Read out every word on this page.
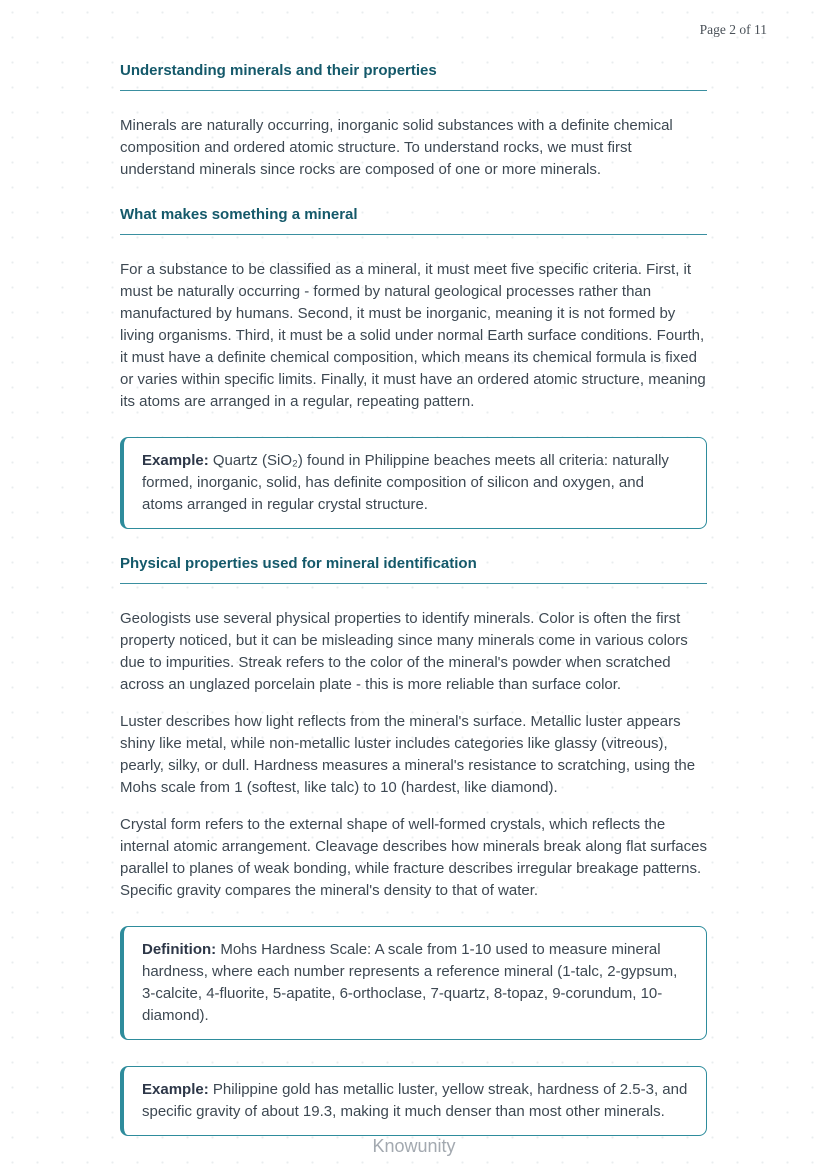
Page 2 of 11
Understanding minerals and their properties

Minerals are naturally occurring, inorganic solid substances with a definite chemical composition and ordered atomic structure. To understand rocks, we must first understand minerals since rocks are composed of one or more minerals.

What makes something a mineral

For a substance to be classified as a mineral, it must meet five specific criteria. First, it must be naturally occurring - formed by natural geological processes rather than manufactured by humans. Second, it must be inorganic, meaning it is not formed by living organisms. Third, it must be a solid under normal Earth surface conditions. Fourth, it must have a definite chemical composition, which means its chemical formula is fixed or varies within specific limits. Finally, it must have an ordered atomic structure, meaning its atoms are arranged in a regular, repeating pattern.

Example: Quartz (SiO₂) found in Philippine beaches meets all criteria: naturally formed, inorganic, solid, has definite composition of silicon and oxygen, and atoms arranged in regular crystal structure.

Physical properties used for mineral identification

Geologists use several physical properties to identify minerals. Color is often the first property noticed, but it can be misleading since many minerals come in various colors due to impurities. Streak refers to the color of the mineral's powder when scratched across an unglazed porcelain plate - this is more reliable than surface color.

Luster describes how light reflects from the mineral's surface. Metallic luster appears shiny like metal, while non-metallic luster includes categories like glassy (vitreous), pearly, silky, or dull. Hardness measures a mineral's resistance to scratching, using the Mohs scale from 1 (softest, like talc) to 10 (hardest, like diamond).

Crystal form refers to the external shape of well-formed crystals, which reflects the internal atomic arrangement. Cleavage describes how minerals break along flat surfaces parallel to planes of weak bonding, while fracture describes irregular breakage patterns. Specific gravity compares the mineral's density to that of water.

Definition: Mohs Hardness Scale: A scale from 1-10 used to measure mineral hardness, where each number represents a reference mineral (1-talc, 2-gypsum, 3-calcite, 4-fluorite, 5-apatite, 6-orthoclase, 7-quartz, 8-topaz, 9-corundum, 10-diamond).

Example: Philippine gold has metallic luster, yellow streak, hardness of 2.5-3, and specific gravity of about 19.3, making it much denser than most other minerals.

Knowunity
